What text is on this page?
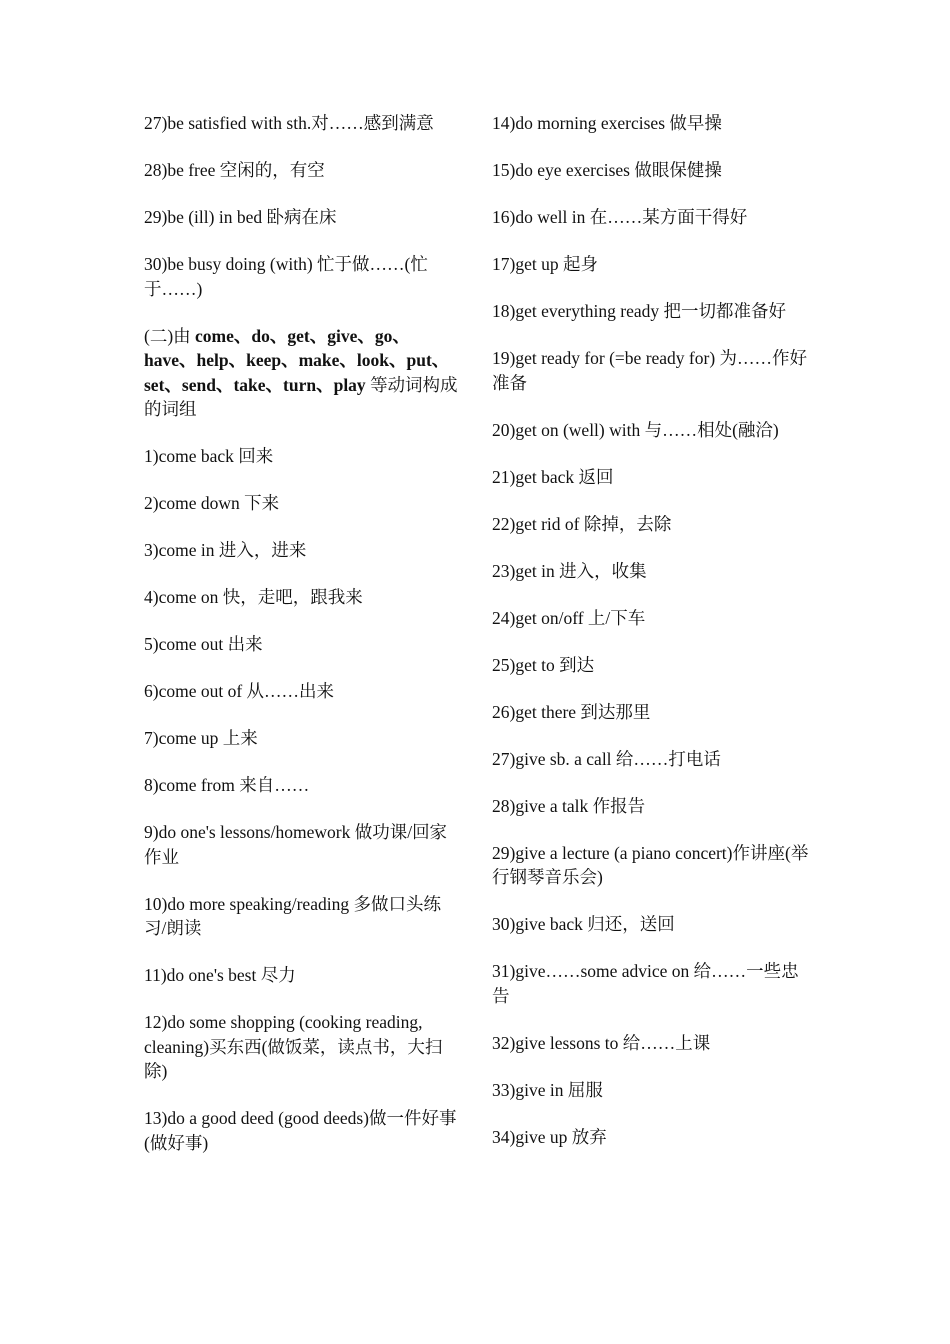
27)be satisfied with sth.对……感到满意
28)be free 空闲的，有空
29)be (ill) in bed 卧病在床
30)be busy doing (with) 忙于做……(忙于……)
(二)由 come、do、get、give、go、have、help、keep、make、look、put、set、send、take、turn、play 等动词构成的词组
1)come back 回来
2)come down 下来
3)come in 进入，进来
4)come on 快，走吧，跟我来
5)come out 出来
6)come out of 从……出来
7)come up 上来
8)come from 来自……
9)do one's lessons/homework 做功课/回家作业
10)do more speaking/reading 多做口头练习/朗读
11)do one's best 尽力
12)do some shopping (cooking reading, cleaning)买东西(做饭菜，读点书，大扫除)
13)do a good deed (good deeds)做一件好事(做好事)
14)do morning exercises 做早操
15)do eye exercises 做眼保健操
16)do well in 在……某方面干得好
17)get up 起身
18)get everything ready 把一切都准备好
19)get ready for (=be ready for) 为……作好准备
20)get on (well) with 与……相处(融洽)
21)get back 返回
22)get rid of 除掉，去除
23)get in 进入，收集
24)get on/off 上/下车
25)get to 到达
26)get there 到达那里
27)give sb. a call 给……打电话
28)give a talk 作报告
29)give a lecture (a piano concert)作讲座(举行钢琴音乐会)
30)give back 归还，送回
31)give……some advice on 给……一些忠告
32)give lessons to 给……上课
33)give in 屈服
34)give up 放弃
